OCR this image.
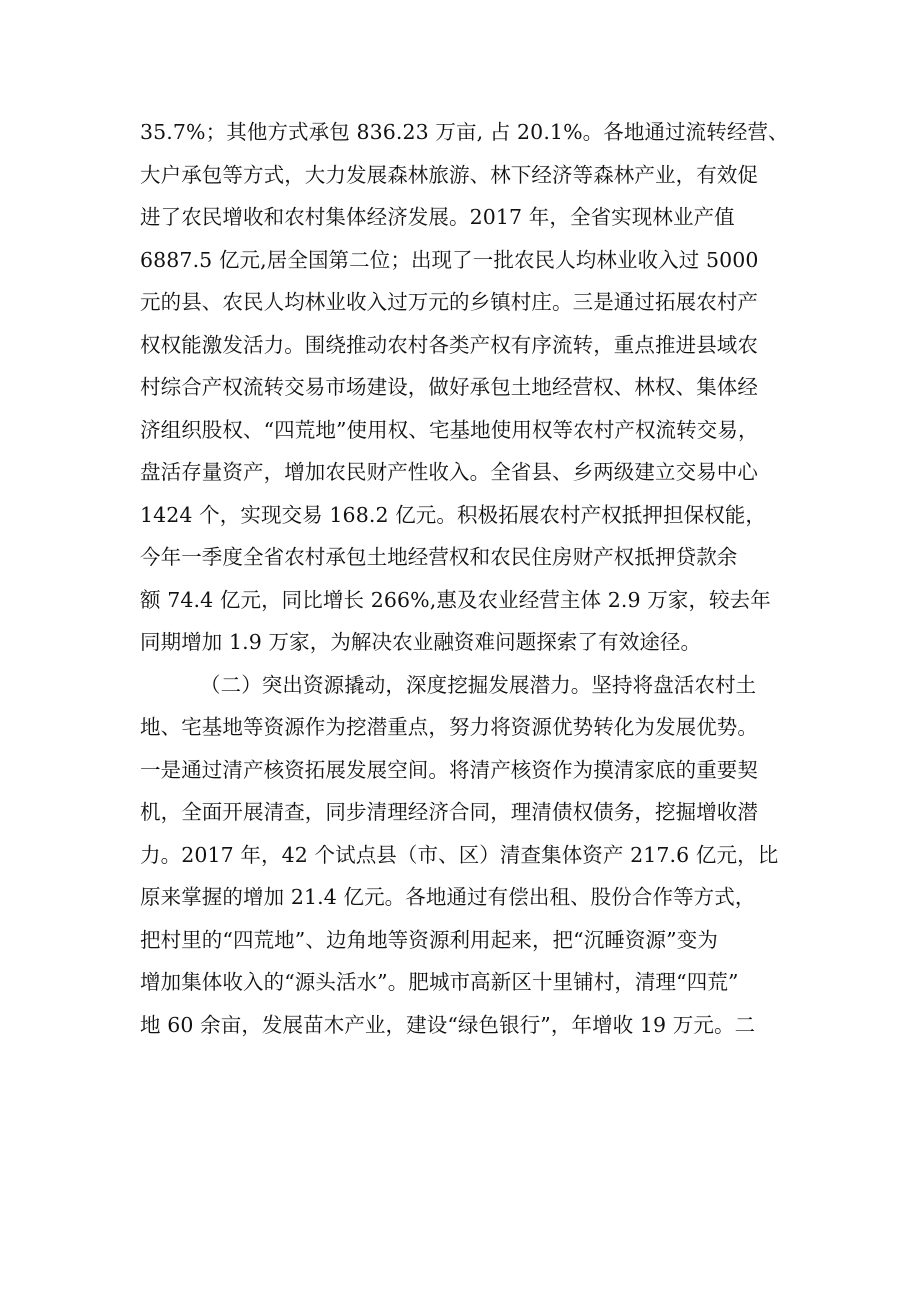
35.7%；其他方式承包 836.23 万亩, 占 20.1%。各地通过流转经营、
大户承包等方式，大力发展森林旅游、林下经济等森林产业，有效促
进了农民增收和农村集体经济发展。2017 年，全省实现林业产值
6887.5 亿元,居全国第二位；出现了一批农民人均林业收入过 5000
元的县、农民人均林业收入过万元的乡镇村庄。三是通过拓展农村产
权权能激发活力。围绕推动农村各类产权有序流转，重点推进县域农
村综合产权流转交易市场建设，做好承包土地经营权、林权、集体经
济组织股权、“四荒地”使用权、宅基地使用权等农村产权流转交易，
盘活存量资产，增加农民财产性收入。全省县、乡两级建立交易中心
1424 个，实现交易 168.2 亿元。积极拓展农村产权抵押担保权能，
今年一季度全省农村承包土地经营权和农民住房财产权抵押贷款余
额 74.4 亿元，同比增长 266%,惠及农业经营主体 2.9 万家，较去年
同期增加 1.9 万家，为解决农业融资难问题探索了有效途径。
（二）突出资源撬动，深度挖掘发展潜力。坚持将盘活农村土
地、宅基地等资源作为挖潜重点，努力将资源优势转化为发展优势。
一是通过清产核资拓展发展空间。将清产核资作为摸清家底的重要契
机，全面开展清查，同步清理经济合同，理清债权债务，挖掘增收潜
力。2017 年，42 个试点县（市、区）清查集体资产 217.6 亿元，比
原来掌握的增加 21.4 亿元。各地通过有偿出租、股份合作等方式，
把村里的“四荒地”、边角地等资源利用起来，把“沉睡资源”变为
增加集体收入的“源头活水”。肥城市高新区十里铺村，清理“四荒”
地 60 余亩，发展苗木产业，建设“绿色银行”，年增收 19 万元。二
